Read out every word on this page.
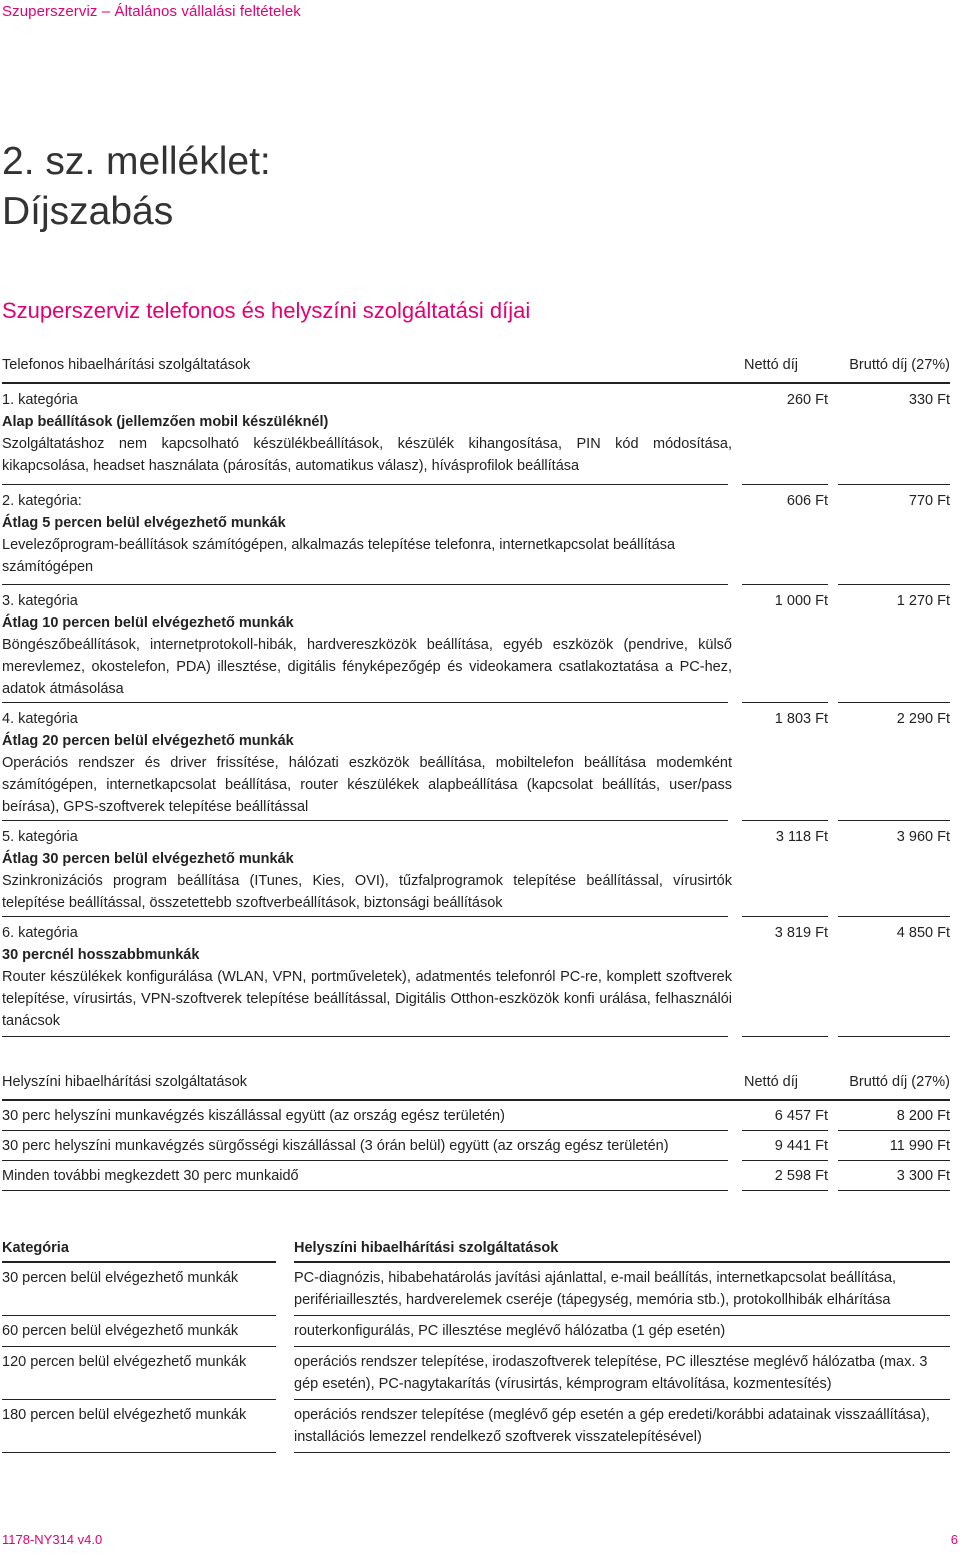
Szuperszerviz – Általános vállalási feltételek
2. sz. melléklet:
Díjszabás
Szuperszerviz telefonos és helyszíni szolgáltatási díjai
Telefonos hibaelhárítási szolgáltatások	Nettó díj	Bruttó díj (27%)
1. kategória
Alap beállítások (jellemzően mobil készüléknél)
Szolgáltatáshoz nem kapcsolható készülékbeállítások, készülék kihangosítása, PIN kód módosítása, kikapcsolása, headset használata (párosítás, automatikus válasz), hívásprofilok beállítása
260 Ft	330 Ft
2. kategória:
Átlag 5 percen belül elvégezhető munkák
Levelezőprogram-beállítások számítógépen, alkalmazás telepítése telefonra, internetkapcsolat beállítása számítógépen
606 Ft	770 Ft
3. kategória
Átlag 10 percen belül elvégezhető munkák
Böngészőbeállítások, internetprotokoll-hibák, hardvereszközök beállítása, egyéb eszközök (pendrive, külső merevlemez, okostelefon, PDA) illesztése, digitális fényképezőgép és videokamera csatlakoztatása a PC-hez, adatok átmásolása
1 000 Ft	1 270 Ft
4. kategória
Átlag 20 percen belül elvégezhető munkák
Operációs rendszer és driver frissítése, hálózati eszközök beállítása, mobiltelefon beállítása modemként számítógépen, internetkapcsolat beállítása, router készülékek alapbeállítása (kapcsolat beállítás, user/pass beírása), GPS-szoftverek telepítése beállítással
1 803 Ft	2 290 Ft
5. kategória
Átlag 30 percen belül elvégezhető munkák
Szinkronizációs program beállítása (ITunes, Kies, OVI), tűzfalprogramok telepítése beállítással, vírusirtók telepítése beállítással, összetettebb szoftverbeállítások, biztonsági beállítások
3 118 Ft	3 960 Ft
6. kategória
30 percnél hosszabbmunkák
Router készülékek konfigurálása (WLAN, VPN, portműveletek), adatmentés telefonról PC-re, komplett szoftverek telepítése, vírusirtás, VPN-szoftverek telepítése beállítással, Digitális Otthon-eszközök konfi urálása, felhasználói tanácsok
3 819 Ft	4 850 Ft
Helyszíni hibaelhárítási szolgáltatások	Nettó díj	Bruttó díj (27%)
30 perc helyszíni munkavégzés kiszállással együtt (az ország egész területén)	6 457 Ft	8 200 Ft
30 perc helyszíni munkavégzés sürgősségi kiszállással (3 órán belül) együtt (az ország egész területén)	9 441 Ft	11 990 Ft
Minden további megkezdett 30 perc munkaidő	2 598 Ft	3 300 Ft
Kategória	Helyszíni hibaelhárítási szolgáltatások
30 percen belül elvégezhető munkák	PC-diagnózis, hibabehatárolás javítási ajánlattal, e-mail beállítás, internetkapcsolat beállítása, perifériaillesztés, hardverelemek cseréje (tápegység, memória stb.), protokollhibák elhárítása
60 percen belül elvégezhető munkák	routerkonfigurálás, PC illesztése meglévő hálózatba (1 gép esetén)
120 percen belül elvégezhető munkák	operációs rendszer telepítése, irodaszoftverek telepítése, PC illesztése meglévő hálózatba (max. 3 gép esetén), PC-nagytakarítás (vírusirtás, kémprogram eltávolítása, kozmentesítés)
180 percen belül elvégezhető munkák	operációs rendszer telepítése (meglévő gép esetén a gép eredeti/korábbi adatainak visszaállítása), installációs lemezzel rendelkező szoftverek visszatelepítésével)
1178-NY314 v4.0	6
